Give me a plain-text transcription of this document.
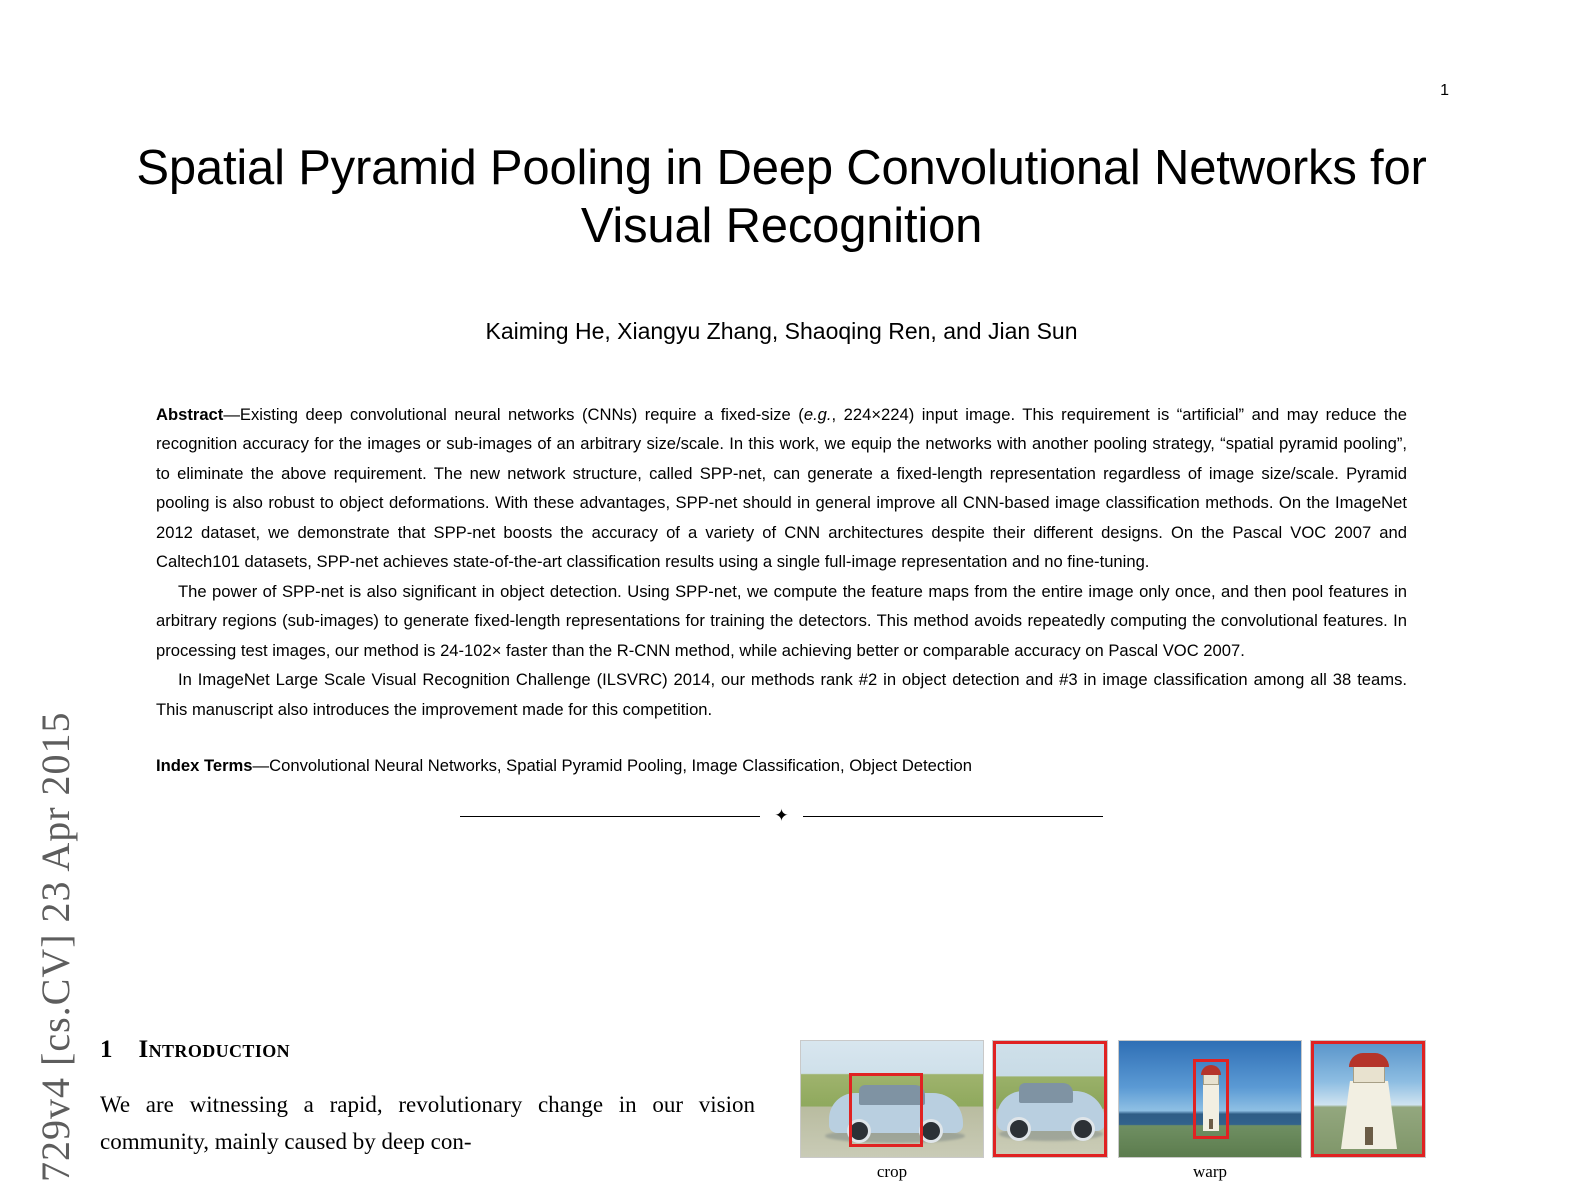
729v4 [cs.CV] 23 Apr 2015
1
Spatial Pyramid Pooling in Deep Convolutional Networks for Visual Recognition
Kaiming He, Xiangyu Zhang, Shaoqing Ren, and Jian Sun

Abstract—Existing deep convolutional neural networks (CNNs) require a fixed-size (e.g., 224×224) input image. This requirement is “artificial” and may reduce the recognition accuracy for the images or sub-images of an arbitrary size/scale. In this work, we equip the networks with another pooling strategy, “spatial pyramid pooling”, to eliminate the above requirement. The new network structure, called SPP-net, can generate a fixed-length representation regardless of image size/scale. Pyramid pooling is also robust to object deformations. With these advantages, SPP-net should in general improve all CNN-based image classification methods. On the ImageNet 2012 dataset, we demonstrate that SPP-net boosts the accuracy of a variety of CNN architectures despite their different designs. On the Pascal VOC 2007 and Caltech101 datasets, SPP-net achieves state-of-the-art classification results using a single full-image representation and no fine-tuning.

The power of SPP-net is also significant in object detection. Using SPP-net, we compute the feature maps from the entire image only once, and then pool features in arbitrary regions (sub-images) to generate fixed-length representations for training the detectors. This method avoids repeatedly computing the convolutional features. In processing test images, our method is 24-102× faster than the R-CNN method, while achieving better or comparable accuracy on Pascal VOC 2007.

In ImageNet Large Scale Visual Recognition Challenge (ILSVRC) 2014, our methods rank #2 in object detection and #3 in image classification among all 38 teams. This manuscript also introduces the improvement made for this competition.

Index Terms—Convolutional Neural Networks, Spatial Pyramid Pooling, Image Classification, Object Detection
✦
1 Introduction
We are witnessing a rapid, revolutionary change in our vision community, mainly caused by deep con-
crop	warp
